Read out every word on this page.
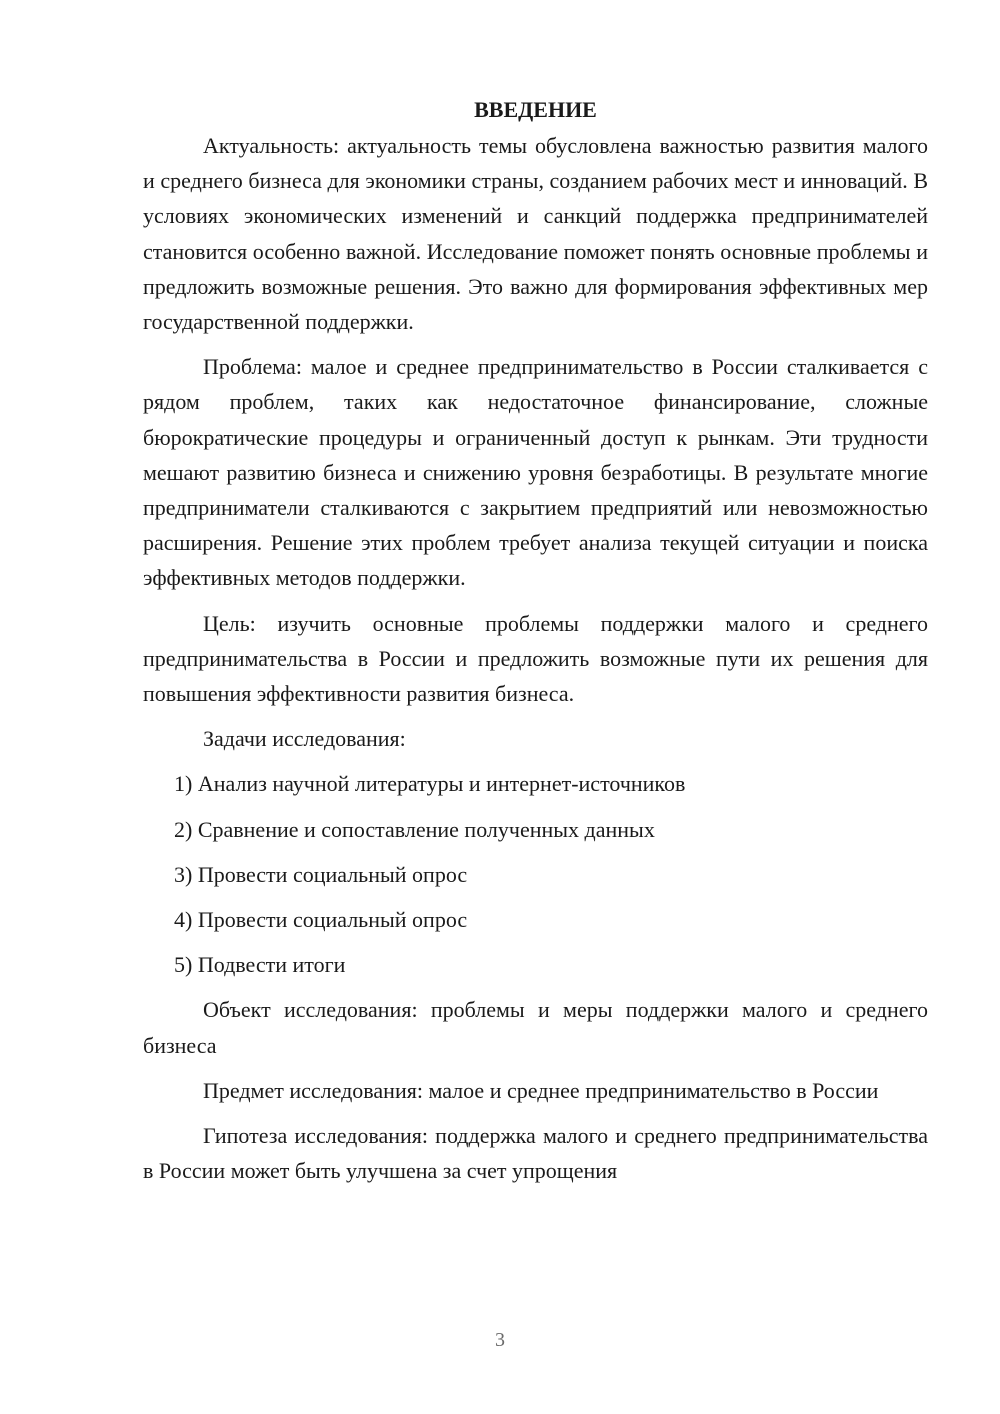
ВВЕДЕНИЕ

Актуальность: актуальность темы обусловлена важностью развития малого и среднего бизнеса для экономики страны, созданием рабочих мест и инноваций. В условиях экономических изменений и санкций поддержка предпринимателей становится особенно важной. Исследование поможет понять основные проблемы и предложить возможные решения. Это важно для формирования эффективных мер государственной поддержки.

Проблема: малое и среднее предпринимательство в России сталкивается с рядом проблем, таких как недостаточное финансирование, сложные бюрократические процедуры и ограниченный доступ к рынкам. Эти трудности мешают развитию бизнеса и снижению уровня безработицы. В результате многие предприниматели сталкиваются с закрытием предприятий или невозможностью расширения. Решение этих проблем требует анализа текущей ситуации и поиска эффективных методов поддержки.

Цель: изучить основные проблемы поддержки малого и среднего предпринимательства в России и предложить возможные пути их решения для повышения эффективности развития бизнеса.

Задачи исследования:

1) Анализ научной литературы и интернет-источников
2) Сравнение и сопоставление полученных данных
3) Провести социальный опрос
4) Провести социальный опрос
5) Подвести итоги

Объект исследования: проблемы и меры поддержки малого и среднего бизнеса

Предмет исследования: малое и среднее предпринимательство в России

Гипотеза исследования: поддержка малого и среднего предпринимательства в России может быть улучшена за счет упрощения

3
